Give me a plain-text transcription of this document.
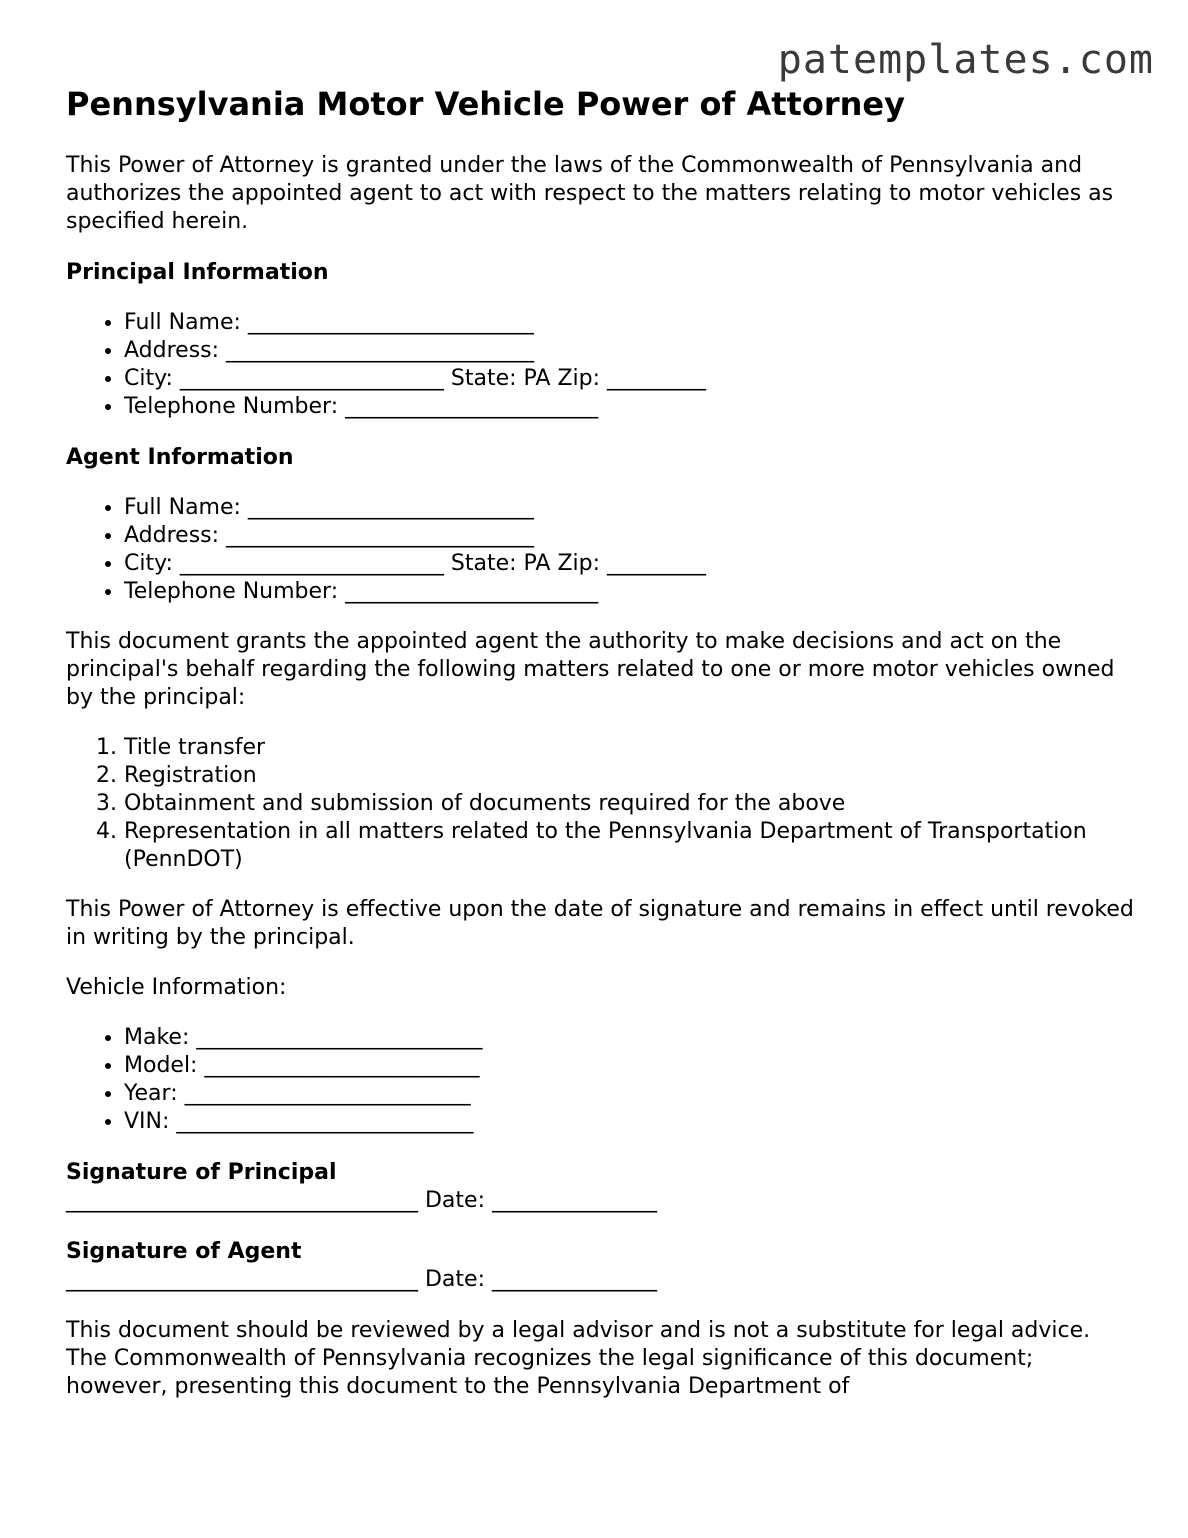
patemplates.com
Pennsylvania Motor Vehicle Power of Attorney

This Power of Attorney is granted under the laws of the Commonwealth of Pennsylvania and authorizes the appointed agent to act with respect to the matters relating to motor vehicles as specified herein.

Principal Information
• Full Name: __________________________
• Address: ____________________________
• City: ________________________ State: PA Zip: _________
• Telephone Number: _______________________
Agent Information
• Full Name: __________________________
• Address: ____________________________
• City: ________________________ State: PA Zip: _________
• Telephone Number: _______________________

This document grants the appointed agent the authority to make decisions and act on the principal's behalf regarding the following matters related to one or more motor vehicles owned by the principal:

1. Title transfer
2. Registration
3. Obtainment and submission of documents required for the above
4. Representation in all matters related to the Pennsylvania Department of Transportation (PennDOT)

This Power of Attorney is effective upon the date of signature and remains in effect until revoked in writing by the principal.

Vehicle Information:

• Make: __________________________
• Model: _________________________
• Year: __________________________
• VIN: ___________________________
Signature of Principal
________________________________ Date: _______________
Signature of Agent
________________________________ Date: _______________

This document should be reviewed by a legal advisor and is not a substitute for legal advice. The Commonwealth of Pennsylvania recognizes the legal significance of this document; however, presenting this document to the Pennsylvania Department of
